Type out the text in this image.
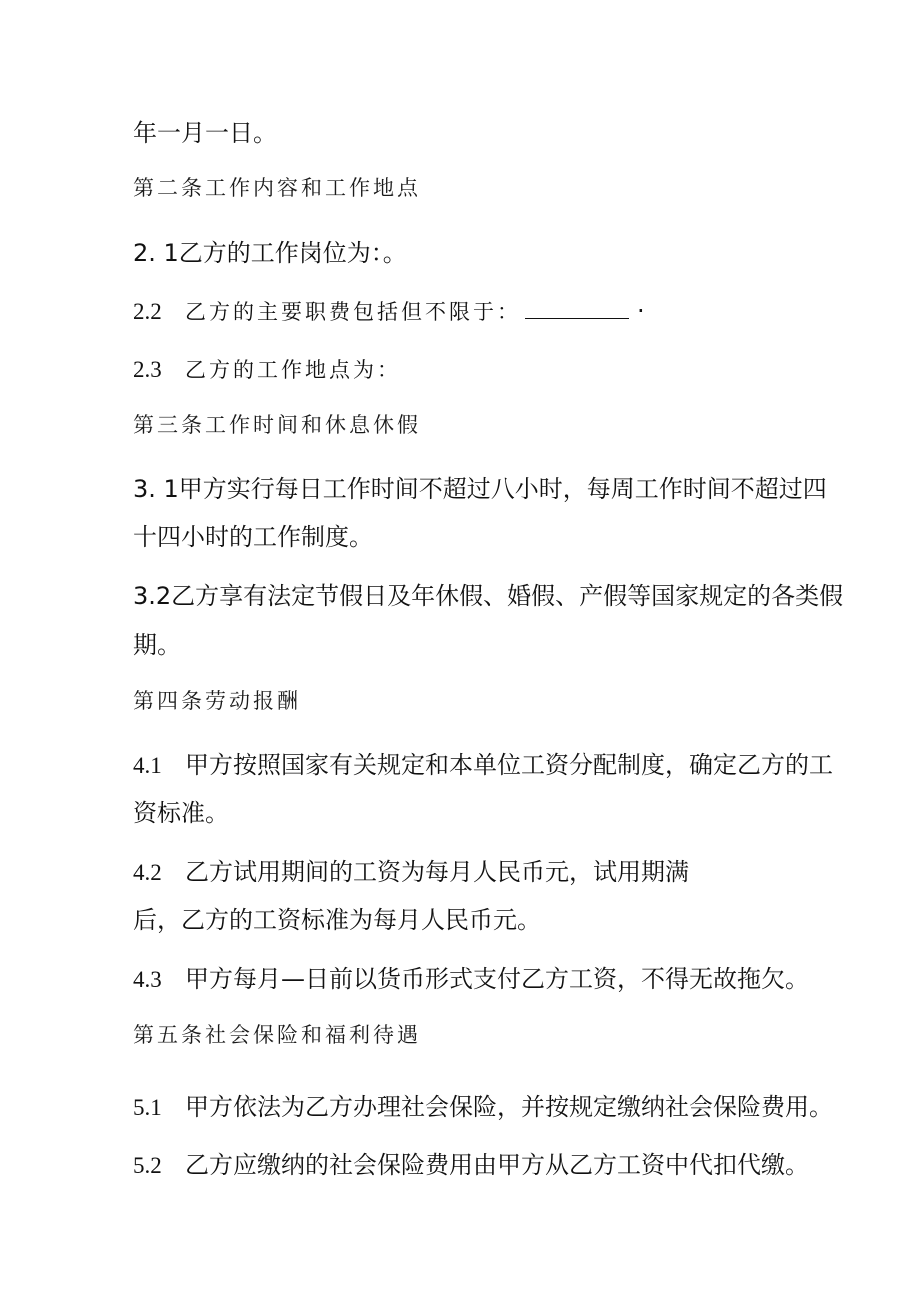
年一月一日。
第二条工作内容和工作地点
2. 1乙方的工作岗位为：。
2.2 乙方的主要职费包括但不限于：	·
2.3 乙方的工作地点为：
第三条工作时间和休息休假
3. 1甲方实行每日工作时间不超过八小时，每周工作时间不超过四
十四小时的工作制度。
3.2乙方享有法定节假日及年休假、婚假、产假等国家规定的各类假
期。
第四条劳动报酬
4.1 甲方按照国家有关规定和本单位工资分配制度，确定乙方的工
资标准。
4.2 乙方试用期间的工资为每月人民币元，试用期满
后，乙方的工资标准为每月人民币元。
4.3 甲方每月—日前以货币形式支付乙方工资，不得无故拖欠。
第五条社会保险和福利待遇
5.1 甲方依法为乙方办理社会保险，并按规定缴纳社会保险费用。
5.2 乙方应缴纳的社会保险费用由甲方从乙方工资中代扣代缴。
